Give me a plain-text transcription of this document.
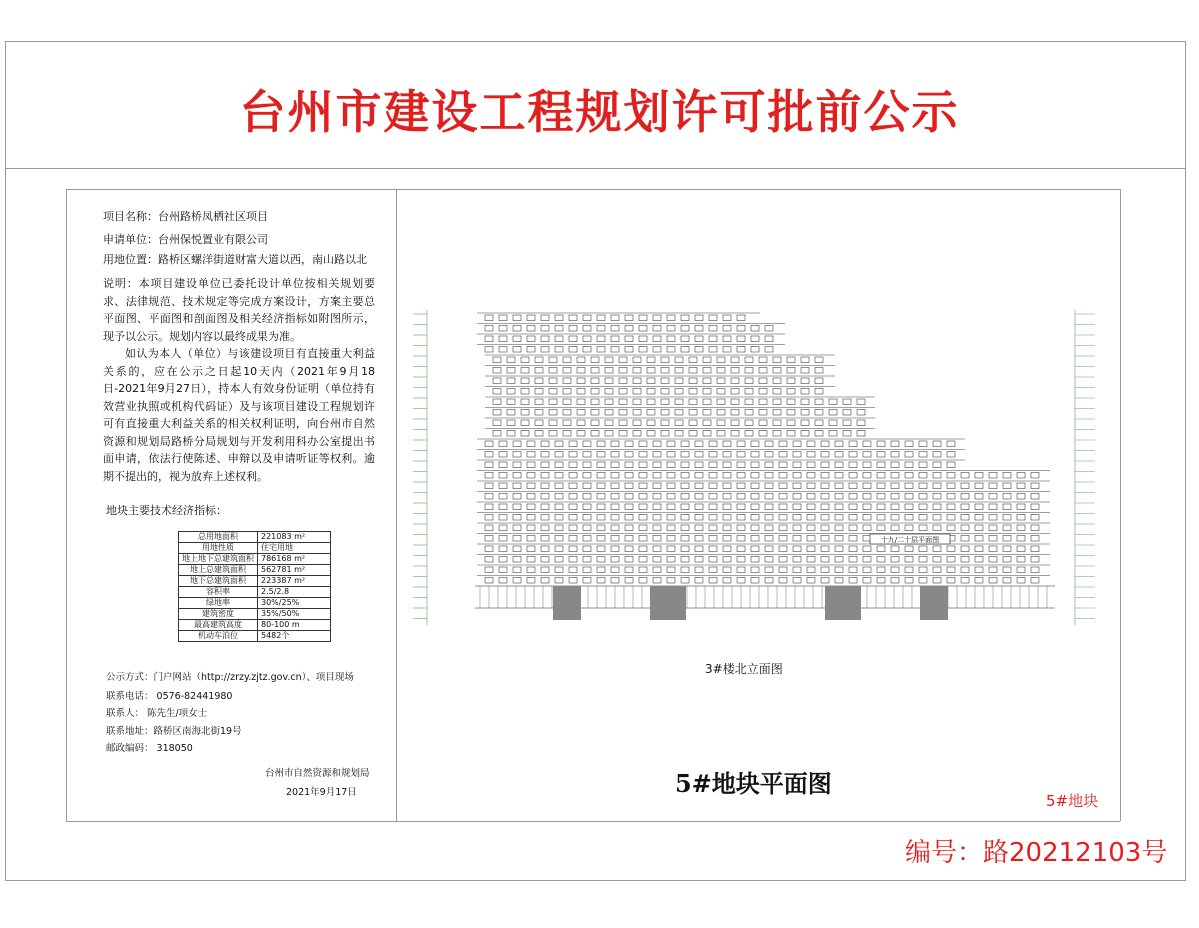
台州市建设工程规划许可批前公示
项目名称：台州路桥凤栖社区项目
申请单位：台州保悦置业有限公司
用地位置：路桥区螺洋街道财富大道以西，南山路以北

说明：本项目建设单位已委托设计单位按相关规划要求、法律规范、技术规定等完成方案设计，方案主要总平面图、平面图和剖面图及相关经济指标如附图所示，现予以公示。规划内容以最终成果为准。

如认为本人（单位）与该建设项目有直接重大利益关系的，应在公示之日起10天内（2021年9月18日-2021年9月27日），持本人有效身份证明（单位持有效营业执照或机构代码证）及与该项目建设工程规划许可有直接重大利益关系的相关权利证明，向台州市自然资源和规划局路桥分局规划与开发利用科办公室提出书面申请，依法行使陈述、申辩以及申请听证等权利。逾期不提出的，视为放弃上述权利。

地块主要技术经济指标：
总用地面积	221083 m²
用地性质	住宅用地
地上地下总建筑面积	786168 m²
地上总建筑面积	562781 m²
地下总建筑面积	223387 m²
容积率	2.5/2.8
绿地率	30%/25%
建筑密度	35%/50%
最高建筑高度	80-100 m
机动车泊位	5482个
公示方式：门户网站（http://zrzy.zjtz.gov.cn）、项目现场
联系电话： 0576-82441980
联系人： 陈先生/项女士
联系地址：路桥区南海北街19号
邮政编码： 318050
台州市自然资源和规划局
2021年9月17日
十九/二十层平面图
3#楼北立面图
5#地块平面图
5#地块
编号：路20212103号
